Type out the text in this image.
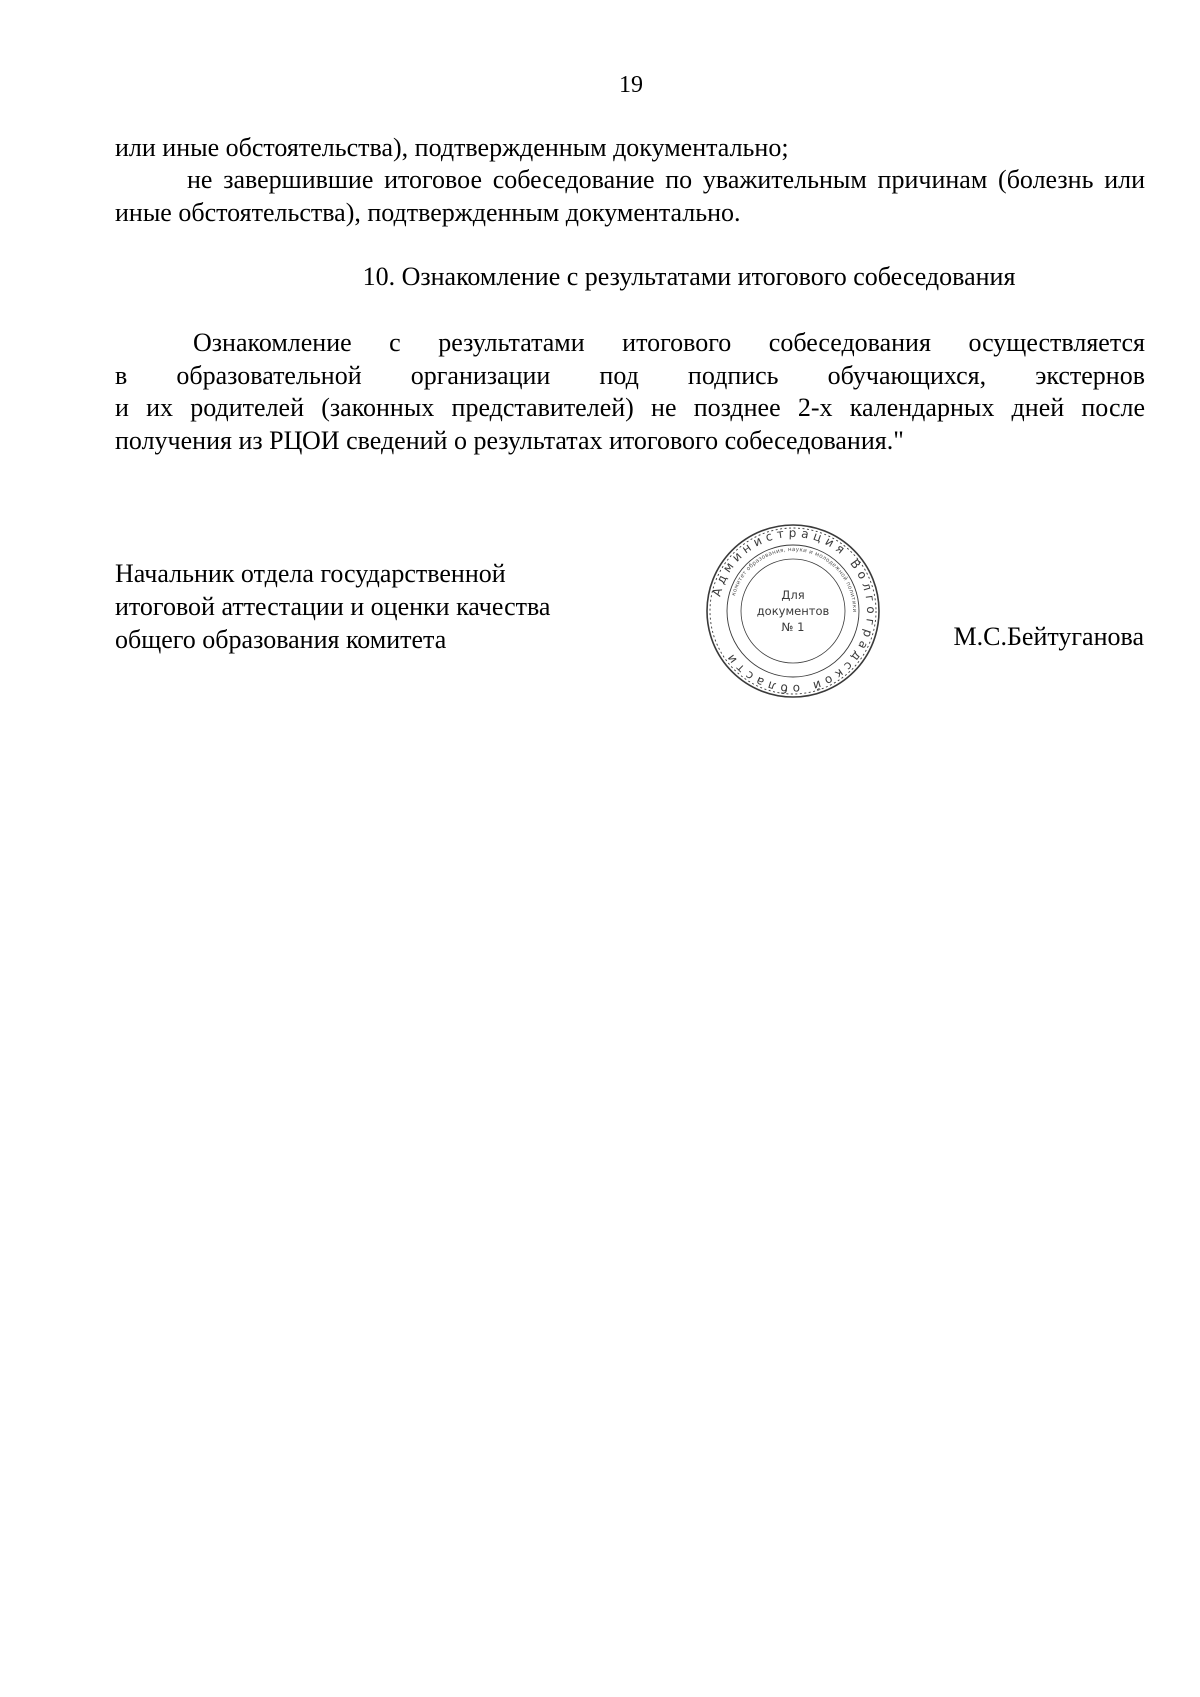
19
или иные обстоятельства), подтвержденным документально;
не завершившие итоговое собеседование по уважительным причинам (болезнь или иные обстоятельства), подтвержденным документально.
10. Ознакомление с результатами итогового собеседования
Ознакомление с результатами итогового собеседования осуществляется
в образовательной организации под подпись обучающихся, экстернов
и их родителей (законных представителей) не позднее 2-х календарных дней после
получения из РЦОИ сведений о результатах итогового собеседования."
Начальник отдела государственной
итоговой аттестации и оценки качества
общего образования комитета
Администрация Волгоградской области
комитет образования, науки и молодежной политики
Для
документов
№ 1	М.С.Бейтуганова
